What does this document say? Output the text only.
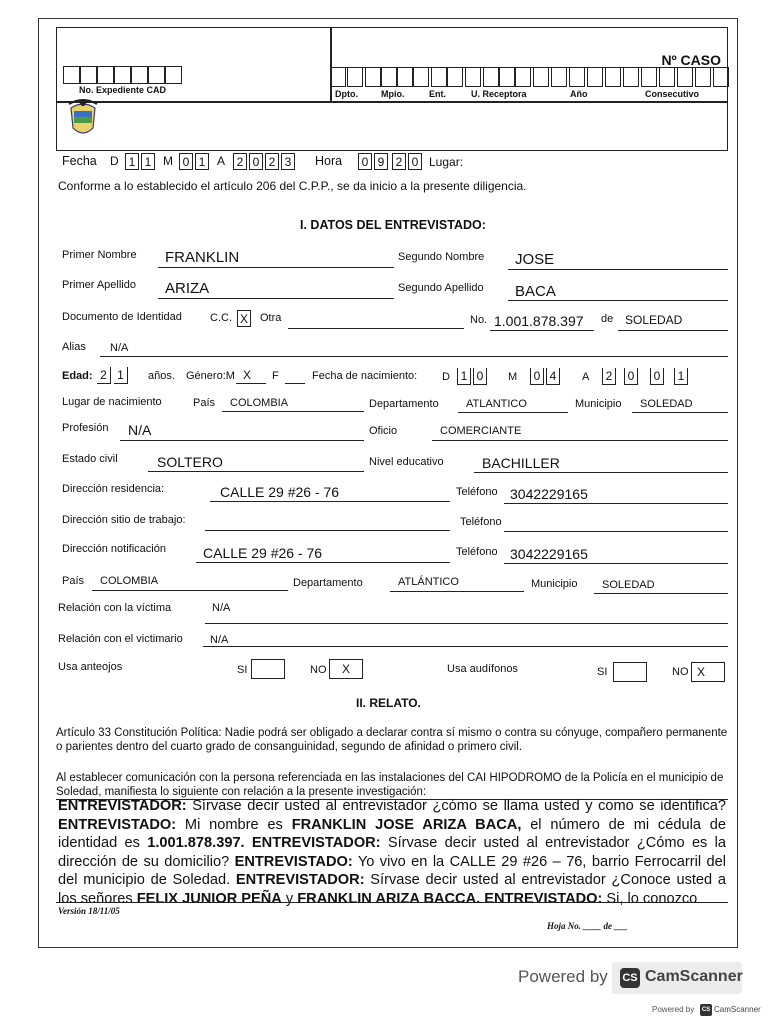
Nº CASO
No. Expediente CAD	Dpto.	Mpio.	Ent.	U. Receptora	Año	Consecutivo
Fecha D 1 1 M 0 1 A 2 0 2 3 Hora	0 9 2 0 Lugar:
Conforme a lo establecido el artículo 206 del C.P.P., se da inicio a la presente diligencia.
I. DATOS DEL ENTREVISTADO:
Primer Nombre FRANKLIN	Segundo Nombre JOSE
Primer Apellido ARIZA	Segundo Apellido BACA
Documento de Identidad	C.C. X Otra	No. 1.001.878.397 de SOLEDAD
Alias N/A
Edad: 2 1	años. Género:M X F	Fecha de nacimiento: D 1 0	M	0 4	A	2	0	0	1
Lugar de nacimiento	País COLOMBIA	Departamento ATLANTICO	Municipio SOLEDAD
Profesión N/A	Oficio	COMERCIANTE
Estado civil	SOLTERO	Nivel educativo	BACHILLER
Dirección residencia:	CALLE 29 #26 - 76	Teléfono 3042229165
Dirección sitio de trabajo:	Teléfono
Dirección notificación	CALLE 29 #26 - 76	Teléfono 3042229165
País COLOMBIA	Departamento	ATLÁNTICO	Municipio SOLEDAD
Relación con la víctima	N/A
Relación con el victimario N/A
Usa anteojos	SI	NO	X	Usa audífonos	SI	NO X
II. RELATO.
Artículo 33 Constitución Política: Nadie podrá ser obligado a declarar contra sí mismo o contra su cónyuge, compañero permanente o parientes dentro del cuarto grado de consanguinidad, segundo de afinidad o primero civil.
Al establecer comunicación con la persona referenciada en las instalaciones del CAI HIPODROMO de la Policía en el municipio de Soledad, manifiesta lo siguiente con relación a la presente investigación:
ENTREVISTADOR: Sírvase decir usted al entrevistador ¿cómo se llama usted y como se identifica? ENTREVISTADO: Mi nombre es FRANKLIN JOSE ARIZA BACA, el número de mi cédula de identidad es 1.001.878.397. ENTREVISTADOR: Sírvase decir usted al entrevistador ¿Cómo es la dirección de su domicilio? ENTREVISTADO: Yo vivo en la CALLE 29 #26 – 76, barrio Ferrocarril del del municipio de Soledad. ENTREVISTADOR: Sírvase decir usted al entrevistador ¿Conoce usted a los señores FELIX JUNIOR PEÑA y FRANKLIN ARIZA BACCA. ENTREVISTADO: Si, lo conozco
Versión 18/11/05
Hoja No. ____ de ___
Powered by CS CamScanner
Powered by	CS CamScanner
